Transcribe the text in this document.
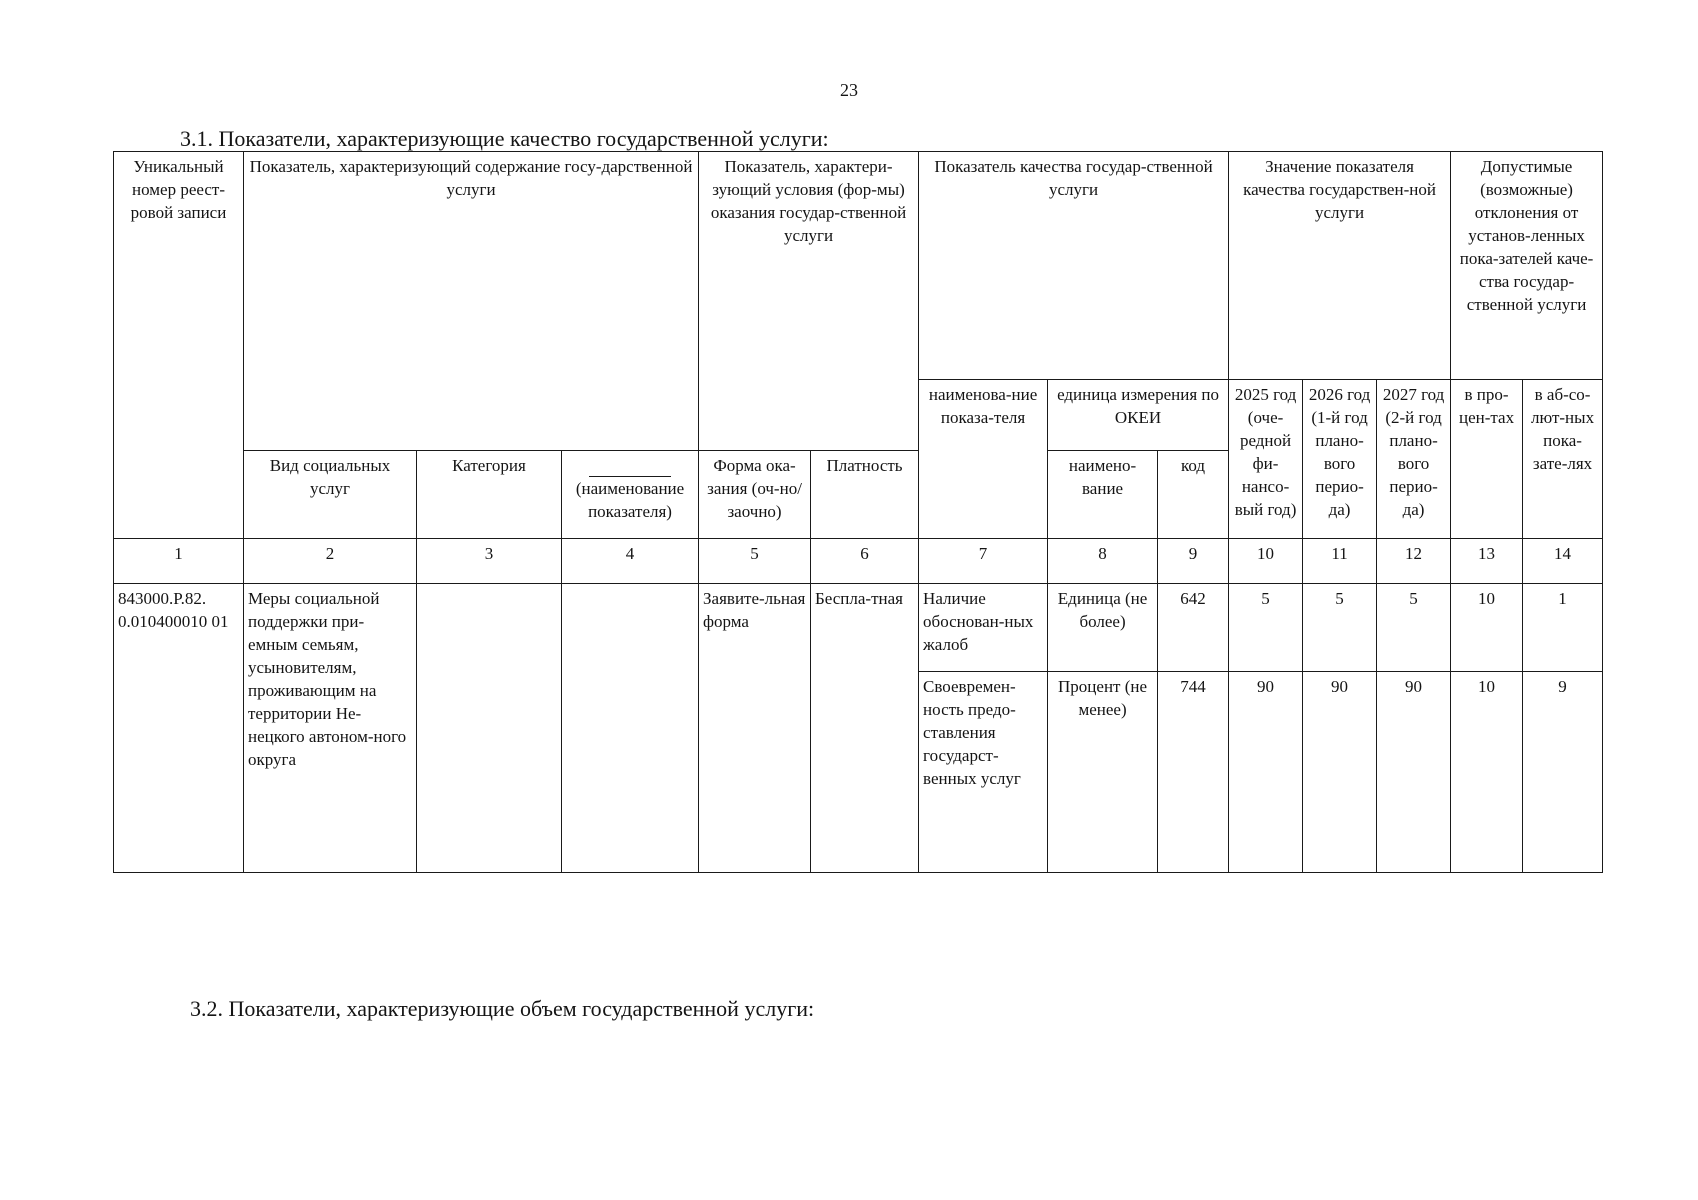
23
3.1. Показатели, характеризующие качество государственной услуги:
Уникальный номер реест-ровой записи	Показатель, характеризующий содержание госу-дарственной услуги			Показатель, характери-зующий условия (фор-мы) оказания государ-ственной услуги		Показатель качества государ-ственной услуги			Значение показателя качества государствен-ной услуги			Допустимые (возможные) отклонения от установ-ленных пока-зателей каче-ства государ-ственной услуги	
						наименова-ние показа-теля	единица измерения по ОКЕИ		2025 год (оче-редной фи-нансо-вый год)	2026 год (1-й год плано-вого перио-да)	2027 год (2-й год плано-вого перио-да)	в про-цен-тах	в аб-со-лют-ных пока-зате-лях
							наимено-вание	код					
	Вид социальных услуг	Категория	(наименование показателя)	Форма ока-зания (оч-но/заочно)	Платность								
1	2	3	4	5	6	7	8	9	10	11	12	13	14
843000.Р.82. 0.010400010 01	Меры социальной поддержки при-емным семьям, усыновителям, проживающим на территории Не-нецкого автоном-ного округа			Заявите-льная форма	Беспла-тная	Наличие обоснован-ных жалоб	Единица (не более)	642	5	5	5	10	1
						Своевремен-ность предо-ставления государст-венных услуг	Процент (не менее)	744	90	90	90	10	9
3.2. Показатели, характеризующие объем государственной услуги:
